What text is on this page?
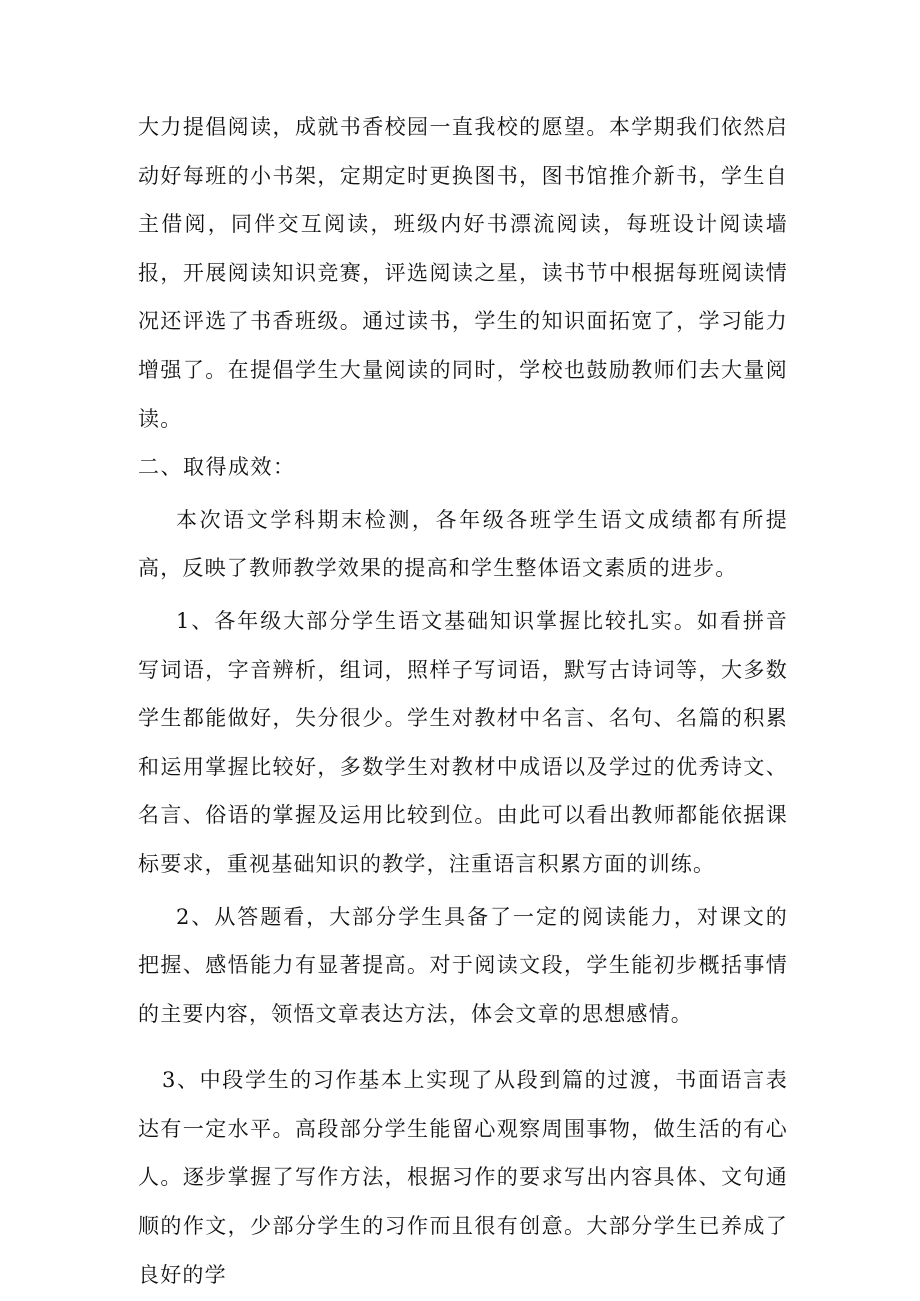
大力提倡阅读，成就书香校园一直我校的愿望。本学期我们依然启动好每班的小书架，定期定时更换图书，图书馆推介新书，学生自主借阅，同伴交互阅读，班级内好书漂流阅读，每班设计阅读墙报，开展阅读知识竞赛，评选阅读之星，读书节中根据每班阅读情况还评选了书香班级。通过读书，学生的知识面拓宽了，学习能力增强了。在提倡学生大量阅读的同时，学校也鼓励教师们去大量阅读。

二、取得成效：

本次语文学科期末检测，各年级各班学生语文成绩都有所提高，反映了教师教学效果的提高和学生整体语文素质的进步。

1、各年级大部分学生语文基础知识掌握比较扎实。如看拼音写词语，字音辨析，组词，照样子写词语，默写古诗词等，大多数学生都能做好，失分很少。学生对教材中名言、名句、名篇的积累和运用掌握比较好，多数学生对教材中成语以及学过的优秀诗文、名言、俗语的掌握及运用比较到位。由此可以看出教师都能依据课标要求，重视基础知识的教学，注重语言积累方面的训练。

2、从答题看，大部分学生具备了一定的阅读能力，对课文的把握、感悟能力有显著提高。对于阅读文段，学生能初步概括事情的主要内容，领悟文章表达方法，体会文章的思想感情。

3、中段学生的习作基本上实现了从段到篇的过渡，书面语言表达有一定水平。高段部分学生能留心观察周围事物，做生活的有心人。逐步掌握了写作方法，根据习作的要求写出内容具体、文句通顺的作文，少部分学生的习作而且很有创意。大部分学生已养成了良好的学
